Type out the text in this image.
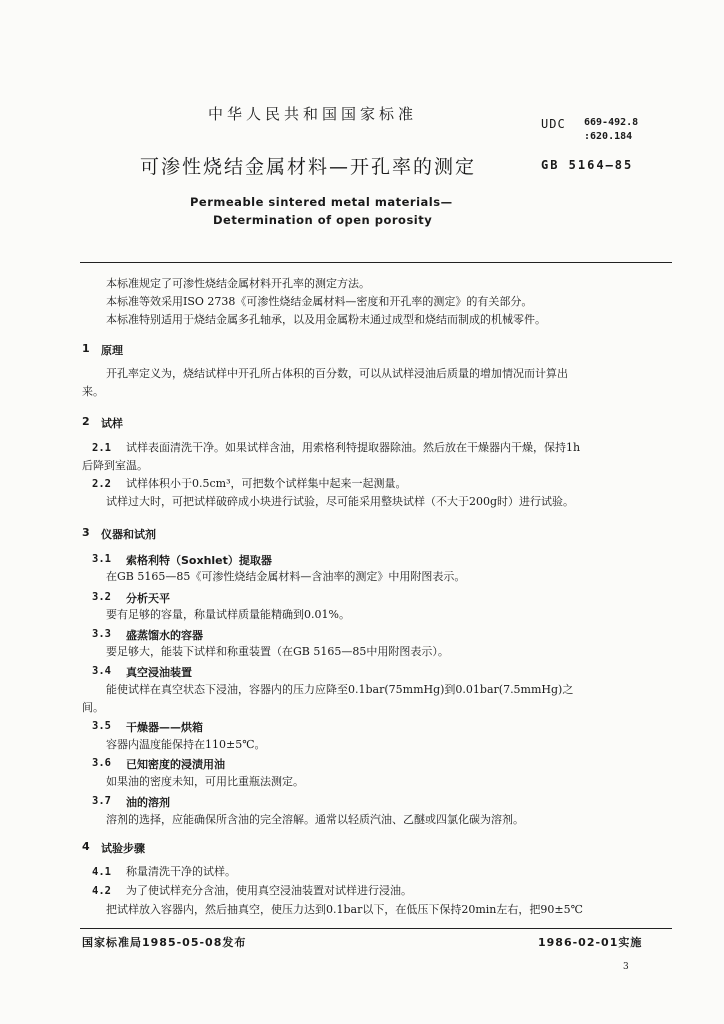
中华人民共和国国家标准
UDC 669-492.8
:620.184
可渗性烧结金属材料—开孔率的测定	GB 5164—85
Permeable sintered metal materials—
Determination of open porosity
本标准规定了可渗性烧结金属材料开孔率的测定方法。
本标准等效采用ISO 2738《可渗性烧结金属材料—密度和开孔率的测定》的有关部分。
本标准特别适用于烧结金属多孔轴承，以及用金属粉末通过成型和烧结而制成的机械零件。
1 原理
开孔率定义为，烧结试样中开孔所占体积的百分数，可以从试样浸油后质量的增加情况而计算出
来。
2 试样
2.1 试样表面清洗干净。如果试样含油，用索格利特提取器除油。然后放在干燥器内干燥，保持1h
后降到室温。
2.2 试样体积小于0.5cm³，可把数个试样集中起来一起测量。
试样过大时，可把试样破碎成小块进行试验，尽可能采用整块试样（不大于200g时）进行试验。
3 仪器和试剂
3.1 索格利特（Soxhlet）提取器
在GB 5165—85《可渗性烧结金属材料—含油率的测定》中用附图表示。
3.2 分析天平
要有足够的容量，称量试样质量能精确到0.01%。
3.3 盛蒸馏水的容器
要足够大，能装下试样和称重装置（在GB 5165—85中用附图表示）。
3.4 真空浸油装置
能使试样在真空状态下浸油，容器内的压力应降至0.1bar(75mmHg)到0.01bar(7.5mmHg)之
间。
3.5 干燥器——烘箱
容器内温度能保持在110±5℃。
3.6 已知密度的浸渍用油
如果油的密度未知，可用比重瓶法测定。
3.7 油的溶剂
溶剂的选择，应能确保所含油的完全溶解。通常以轻质汽油、乙醚或四氯化碳为溶剂。
4 试验步骤
4.1 称量清洗干净的试样。
4.2 为了使试样充分含油，使用真空浸油装置对试样进行浸油。
把试样放入容器内，然后抽真空，使压力达到0.1bar以下，在低压下保持20min左右，把90±5℃
国家标准局1985-05-08发布	1986-02-01实施
3
